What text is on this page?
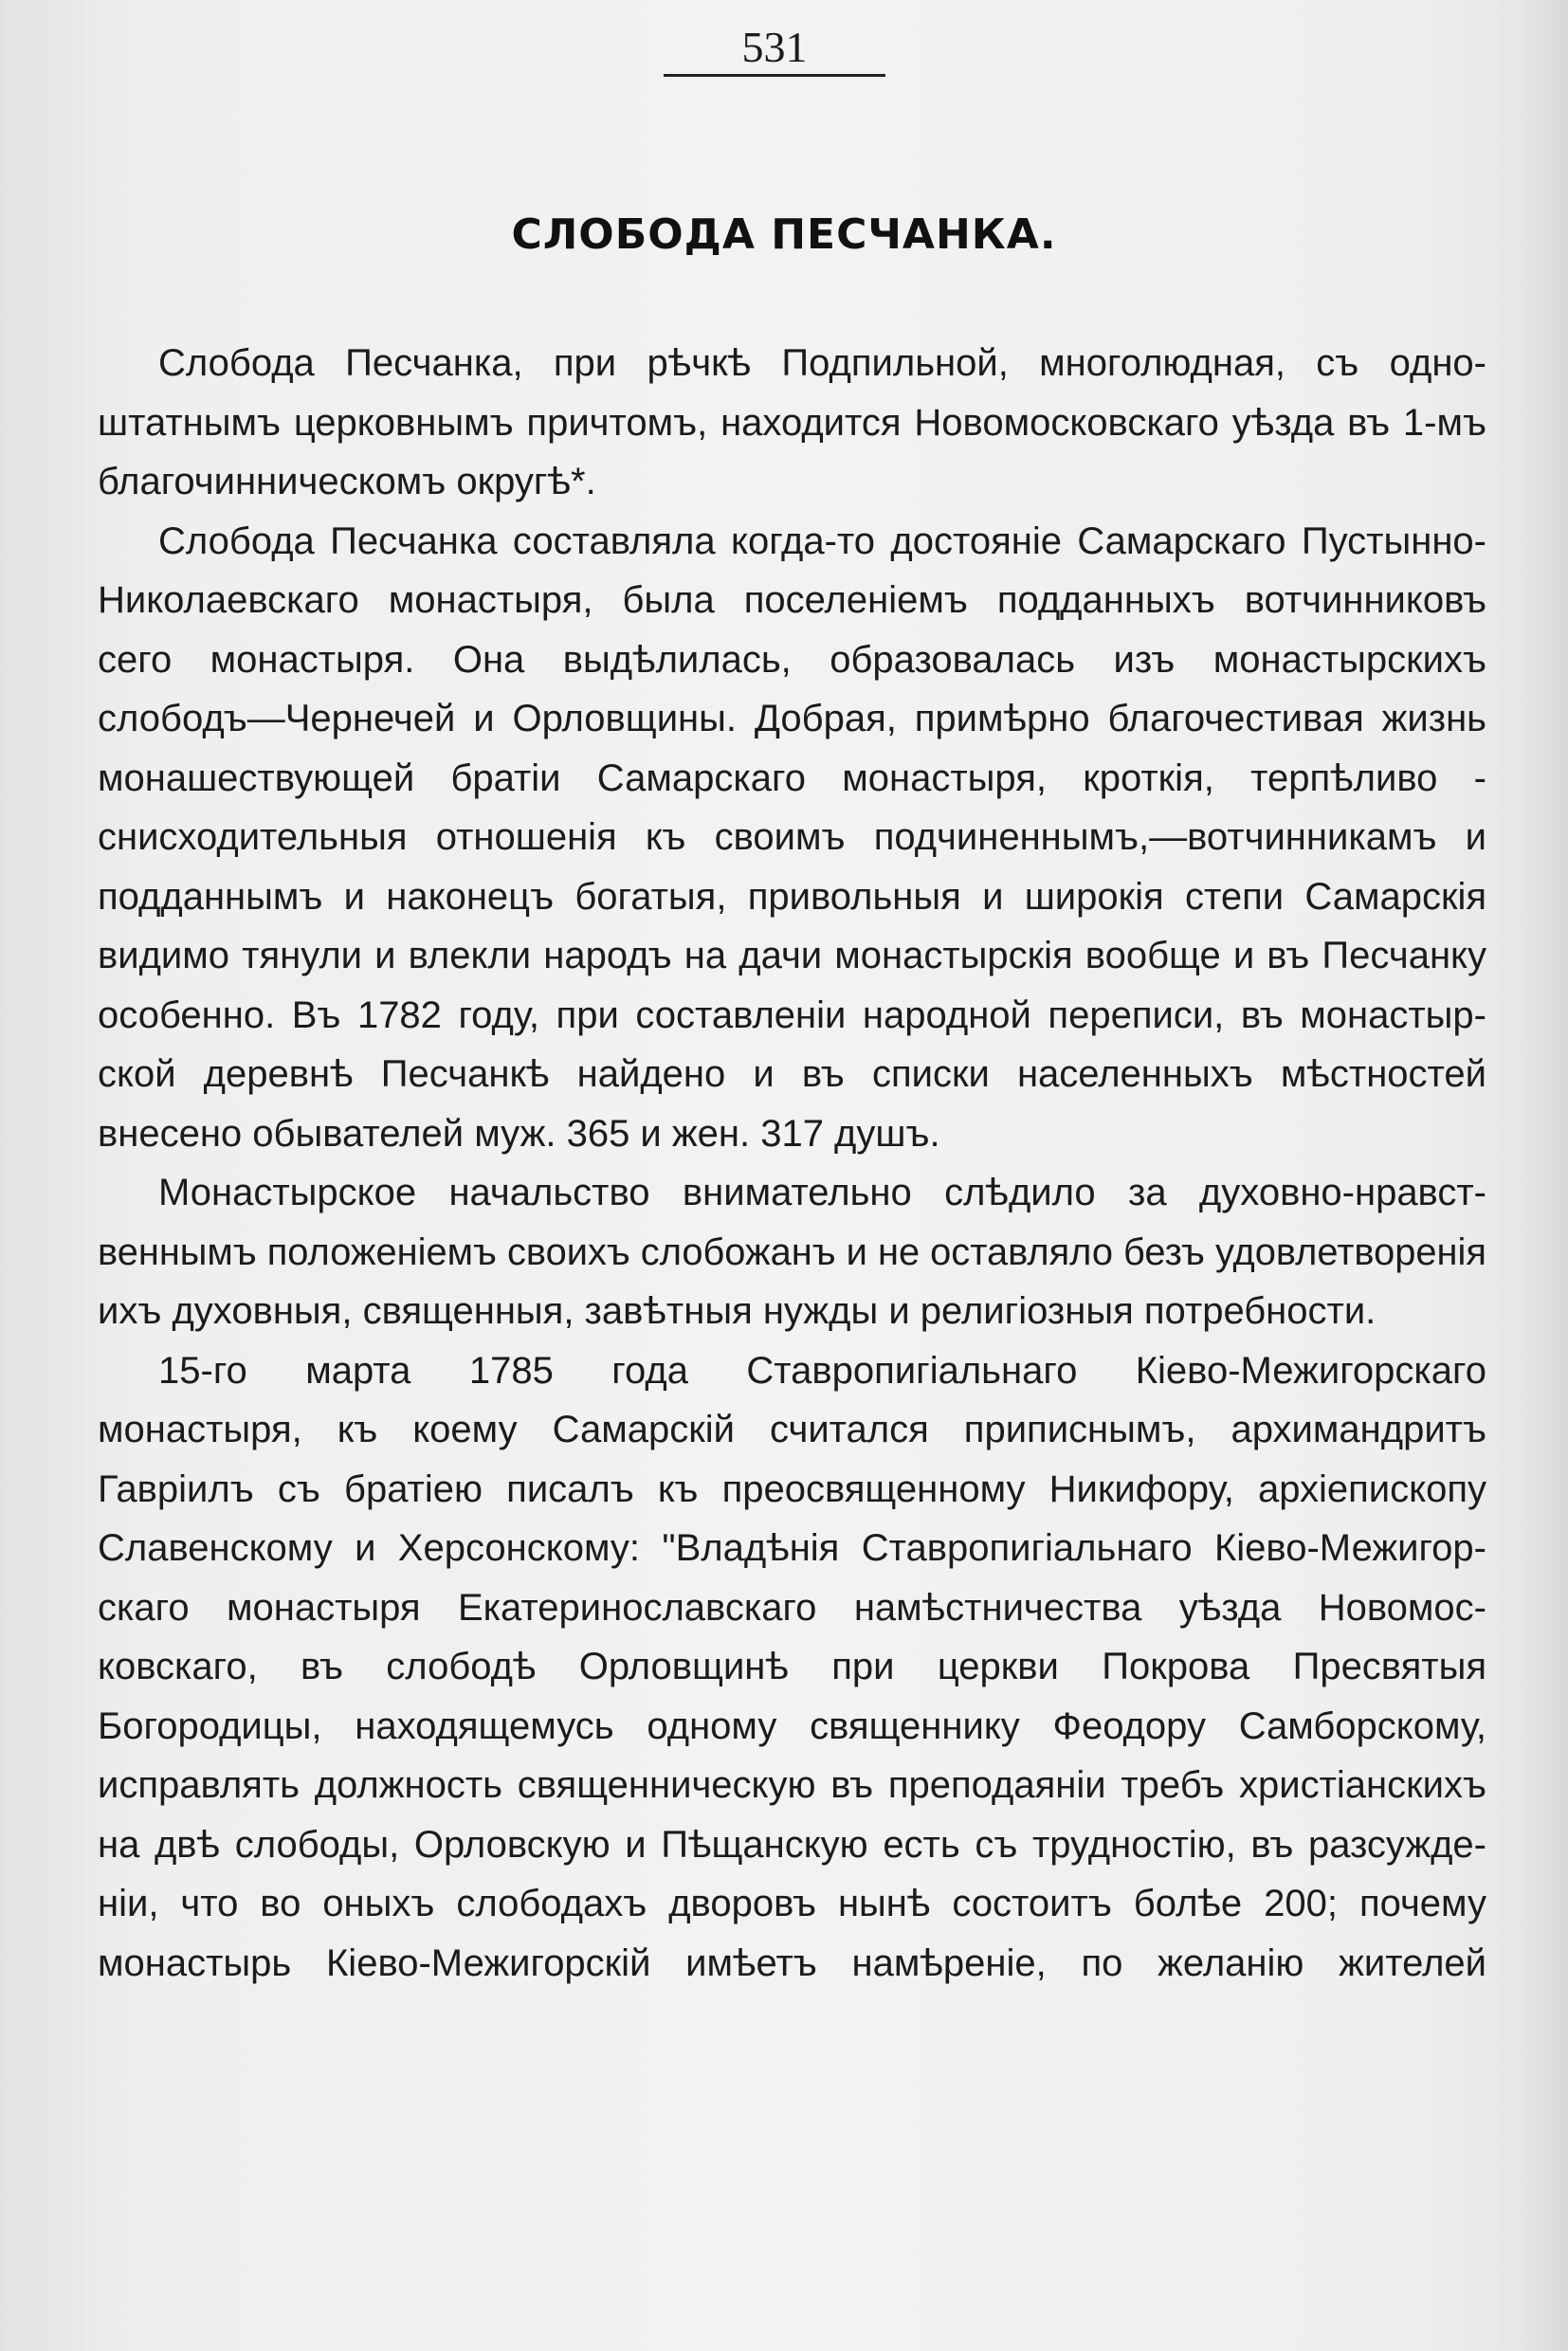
531
СЛОБОДА ПЕСЧАНКА.
Слобода Песчанка, при рѣчкѣ Подпильной, многолюдная, съ одно-
штатнымъ церковнымъ причтомъ, находится Новомосковскаго уѣзда въ 1-мъ
благочинническомъ округѣ*.
Слобода Песчанка составляла когда-то достояніе Самарскаго Пустынно-
Николаевскаго монастыря, была поселеніемъ подданныхъ вотчинниковъ
сего монастыря. Она выдѣлилась, образовалась изъ монастырскихъ
слободъ—Чернечей и Орловщины. Добрая, примѣрно благочестивая жизнь
монашествующей братіи Самарскаго монастыря, кроткія, терпѣливо -
снисходительныя отношенія къ своимъ подчиненнымъ,—вотчинникамъ и
подданнымъ и наконецъ богатыя, привольныя и широкія степи Самарскія
видимо тянули и влекли народъ на дачи монастырскія вообще и въ Песчанку
особенно. Въ 1782 году, при составленіи народной переписи, въ монастыр-
ской деревнѣ Песчанкѣ найдено и въ списки населенныхъ мѣстностей
внесено обывателей муж. 365 и жен. 317 душъ.
Монастырское начальство внимательно слѣдило за духовно-нравст-
веннымъ положеніемъ своихъ слобожанъ и не оставляло безъ удовлетворенія
ихъ духовныя, священныя, завѣтныя нужды и религіозныя потребности.
15-го марта 1785 года Ставропигіальнаго Кіево-Межигорскаго
монастыря, къ коему Самарскій считался приписнымъ, архимандритъ
Гавріилъ съ братіею писалъ къ преосвященному Никифору, архіепископу
Славенскому и Херсонскому: "Владѣнія Ставропигіальнаго Кіево-Межигор-
скаго монастыря Екатеринославскаго намѣстничества уѣзда Новомос-
ковскаго, въ слободѣ Орловщинѣ при церкви Покрова Пресвятыя
Богородицы, находящемусь одному священнику Феодору Самборскому,
исправлять должность священническую въ преподаяніи требъ христіанскихъ
на двѣ слободы, Орловскую и Пѣщанскую есть съ трудностію, въ разсужде-
ніи, что во оныхъ слободахъ дворовъ нынѣ состоитъ болѣе 200; почему
монастырь Кіево-Межигорскій имѣетъ намѣреніе, по желанію жителей
